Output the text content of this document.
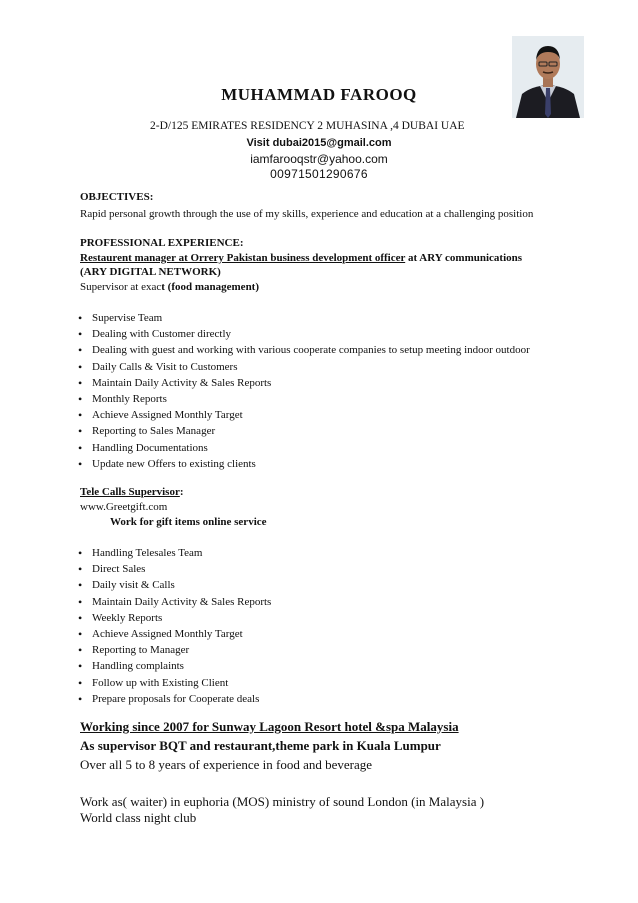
MUHAMMAD FAROOQ
2-D/125 EMIRATES RESIDENCY 2 MUHASINA ,4 DUBAI UAE
Visit dubai2015@gmail.com
iamfarooqstr@yahoo.com
00971501290676
OBJECTIVES:
Rapid personal growth through the use of my skills, experience and education at a challenging position
PROFESSIONAL EXPERIENCE:
Restaurent manager at Orrery Pakistan business development officer at ARY communications
(ARY DIGITAL NETWORK)
Supervisor at exact (food management)
• Supervise Team
• Dealing with Customer directly
• Dealing with guest and working with various cooperate companies to setup meeting indoor outdoor
• Daily Calls & Visit to Customers
• Maintain Daily Activity & Sales Reports
• Monthly Reports
• Achieve Assigned Monthly Target
• Reporting to Sales Manager
• Handling Documentations
• Update new Offers to existing clients
Tele Calls Supervisor:
www.Greetgift.com
Work for gift items online service
• Handling Telesales Team
• Direct Sales
• Daily visit & Calls
• Maintain Daily Activity & Sales Reports
• Weekly Reports
• Achieve Assigned Monthly Target
• Reporting to Manager
• Handling complaints
• Follow up with Existing Client
• Prepare proposals for Cooperate deals
Working since 2007 for Sunway Lagoon Resort hotel &spa Malaysia
As supervisor BQT and restaurant,theme park in Kuala Lumpur
Over all 5 to 8 years of experience in food and beverage
Work as( waiter) in euphoria (MOS) ministry of sound London (in Malaysia )
World class night club
